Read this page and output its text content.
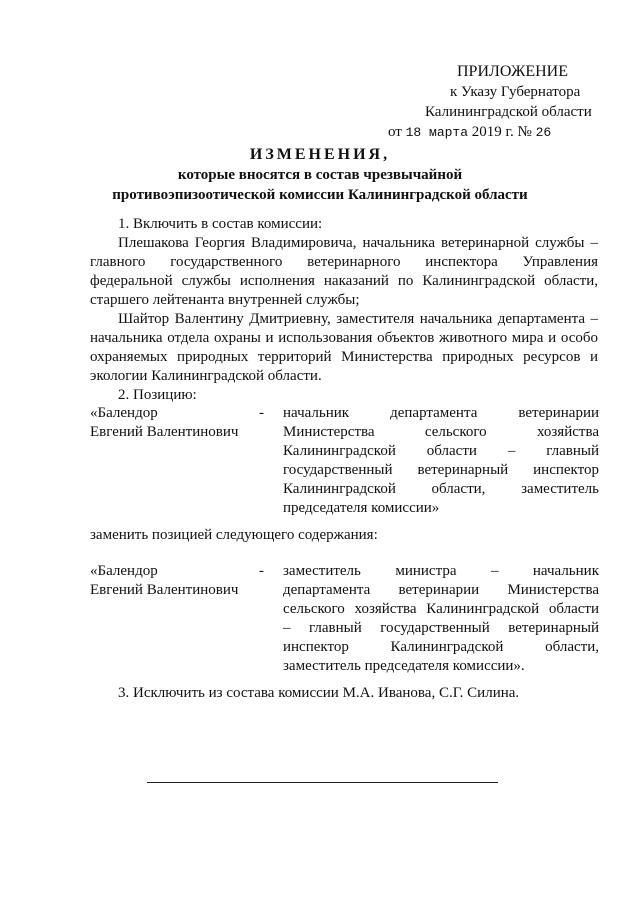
ПРИЛОЖЕНИЕ
к Указу Губернатора
Калининградской области
от 18 марта 2019 г. № 26
ИЗМЕНЕНИЯ,
которые вносятся в состав чрезвычайной
противоэпизоотической комиссии Калининградской области

1. Включить в состав комиссии:

Плешакова Георгия Владимировича, начальника ветеринарной службы – главного государственного ветеринарного инспектора Управления федеральной службы исполнения наказаний по Калининградской области, старшего лейтенанта внутренней службы;

Шайтор Валентину Дмитриевну, заместителя начальника департамента – начальника отдела охраны и использования объектов животного мира и особо охраняемых природных территорий Министерства природных ресурсов и экологии Калининградской области.

2. Позицию:

«Балендор
Евгений Валентинович
- начальник департамента ветеринарии
Министерства сельского хозяйства
Калининградской области – главный
государственный ветеринарный инспектор
Калининградской области, заместитель
председателя комиссии»
заменить позицией следующего содержания:
«Балендор
Евгений Валентинович
- заместитель министра – начальник
департамента ветеринарии Министерства
сельского хозяйства Калининградской области
– главный государственный ветеринарный
инспектор Калининградской области,
заместитель председателя комиссии».
3. Исключить из состава комиссии М.А. Иванова, С.Г. Силина.
